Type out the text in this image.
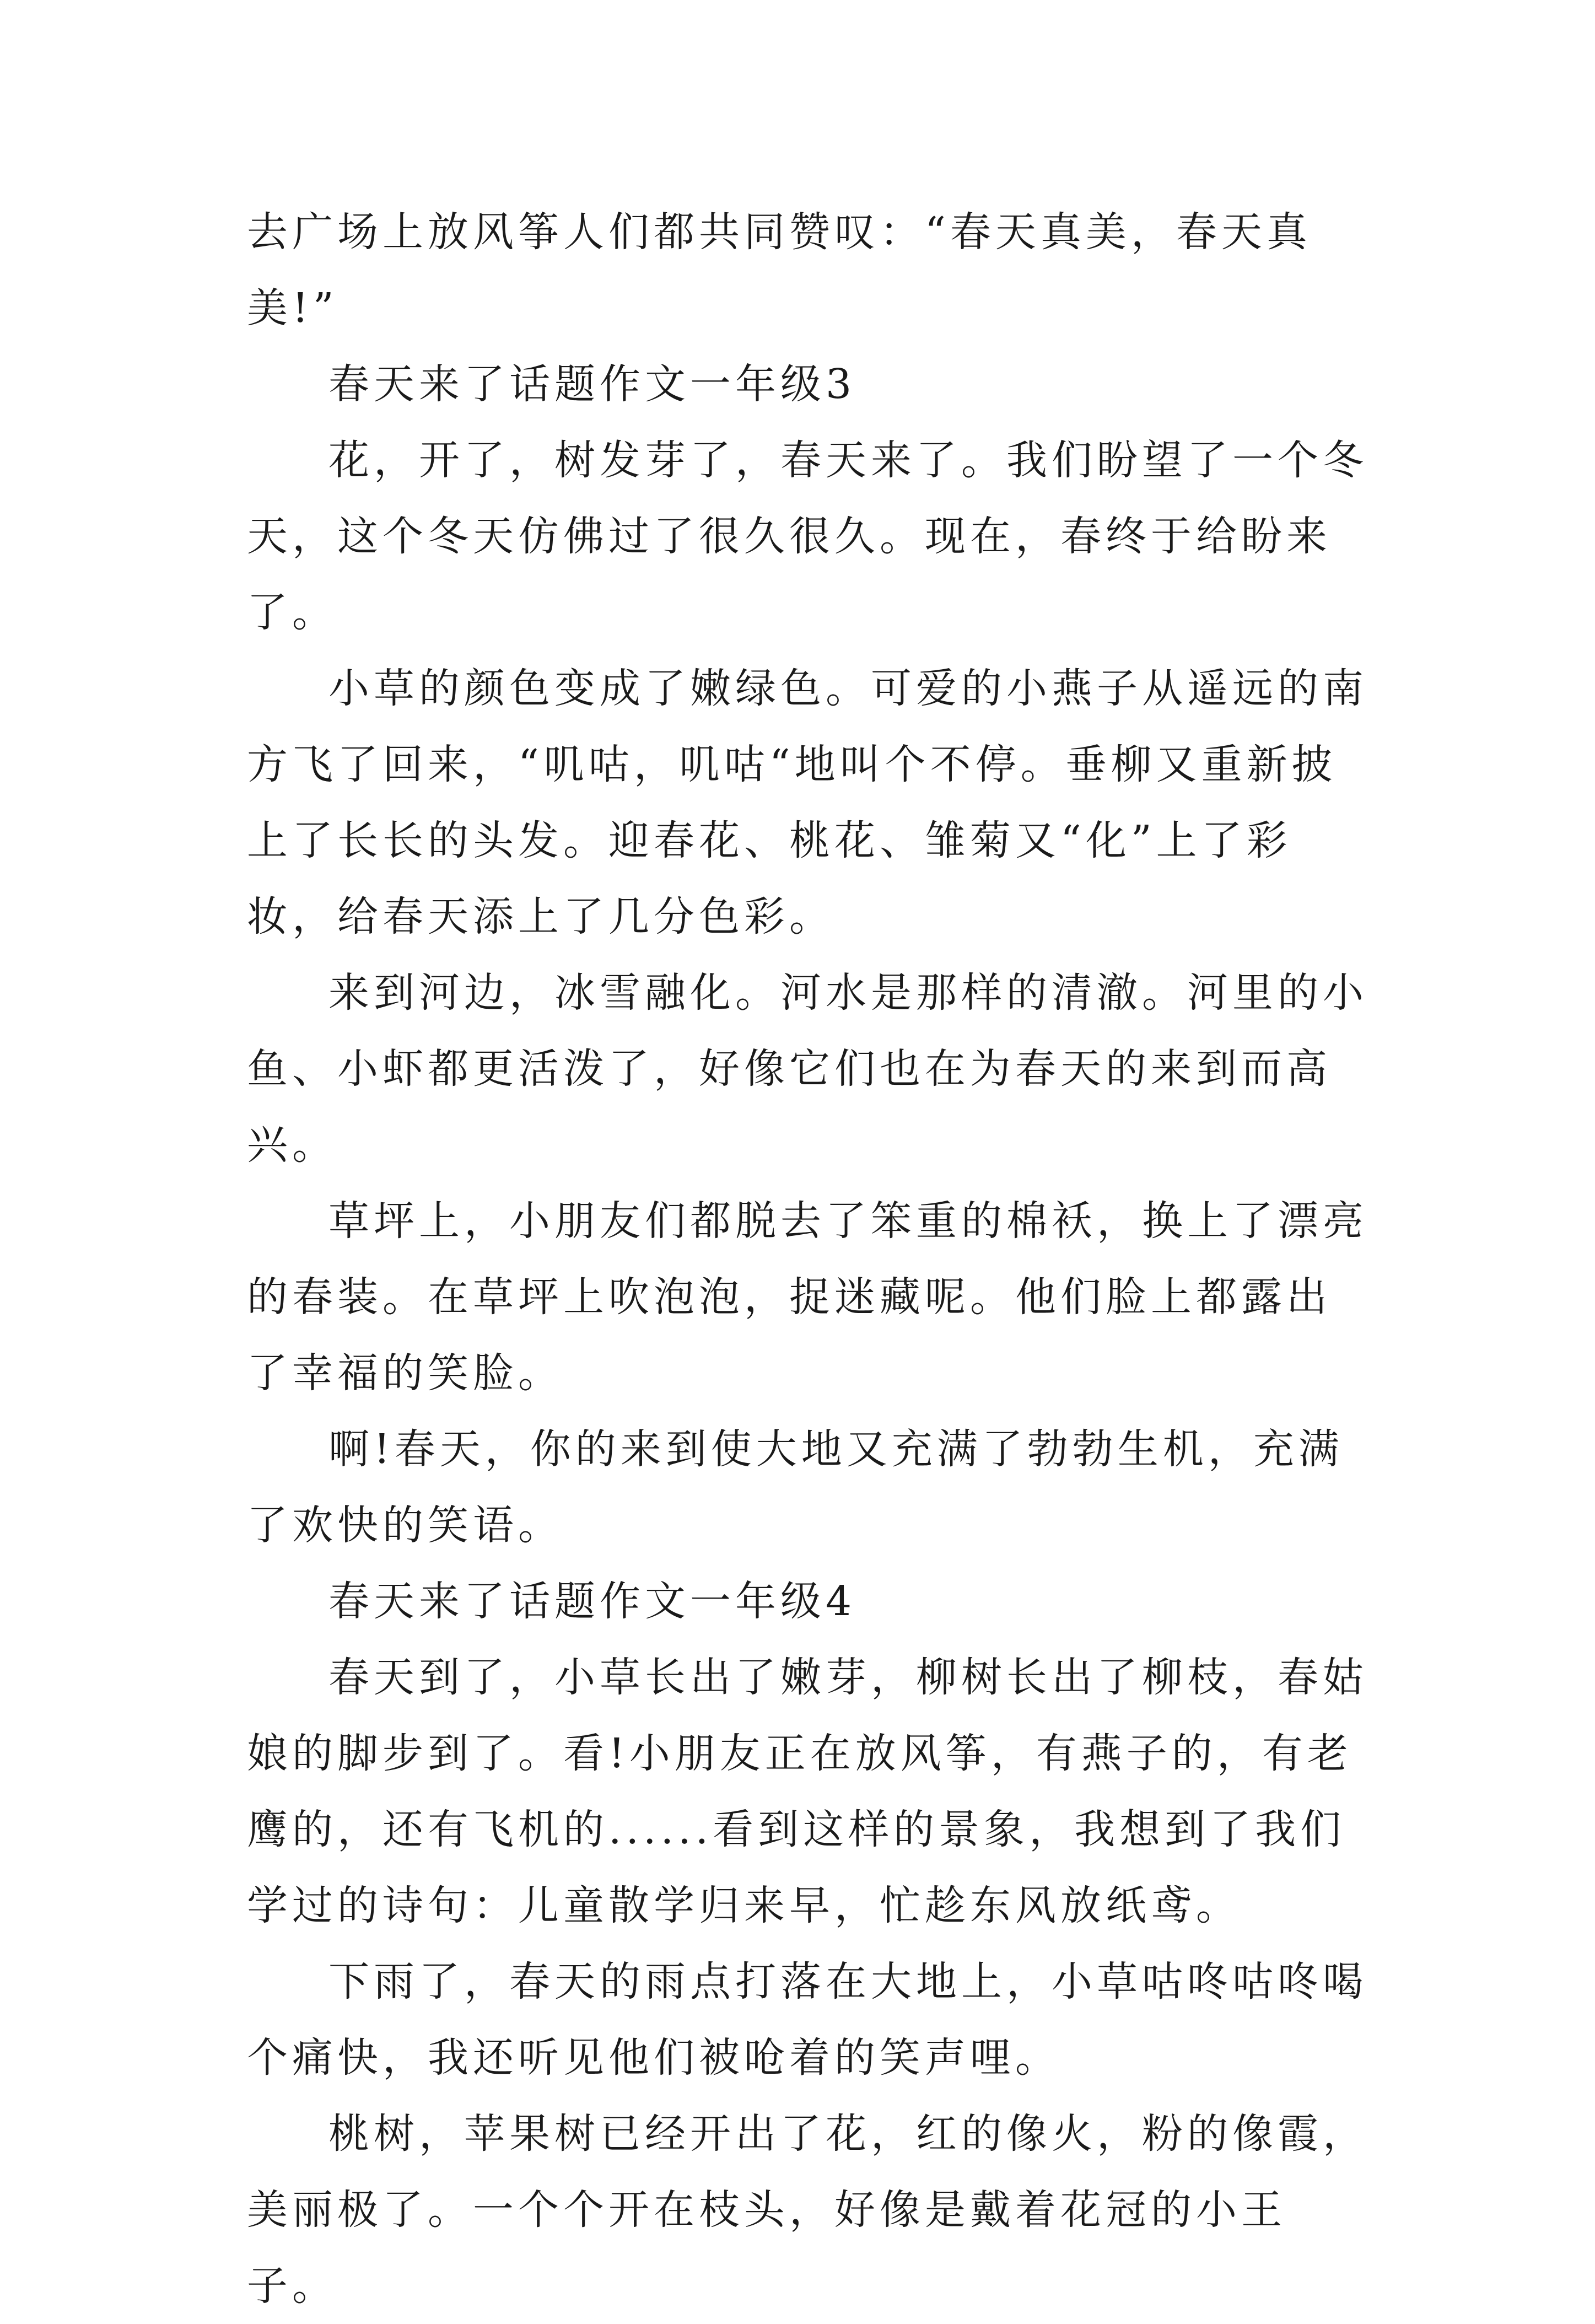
去广场上放风筝人们都共同赞叹：“春天真美，春天真美!”

春天来了话题作文一年级3

花，开了，树发芽了，春天来了。我们盼望了一个冬天，这个冬天仿佛过了很久很久。现在，春终于给盼来了。

小草的颜色变成了嫩绿色。可爱的小燕子从遥远的南方飞了回来，“叽咕，叽咕“地叫个不停。垂柳又重新披上了长长的头发。迎春花、桃花、雏菊又“化”上了彩妆，给春天添上了几分色彩。

来到河边，冰雪融化。河水是那样的清澈。河里的小鱼、小虾都更活泼了，好像它们也在为春天的来到而高兴。

草坪上，小朋友们都脱去了笨重的棉袄，换上了漂亮的春装。在草坪上吹泡泡，捉迷藏呢。他们脸上都露出了幸福的笑脸。

啊!春天，你的来到使大地又充满了勃勃生机，充满了欢快的笑语。

春天来了话题作文一年级4

春天到了，小草长出了嫩芽，柳树长出了柳枝，春姑娘的脚步到了。看!小朋友正在放风筝，有燕子的，有老鹰的，还有飞机的......看到这样的景象，我想到了我们学过的诗句：儿童散学归来早，忙趁东风放纸鸢。

下雨了，春天的雨点打落在大地上，小草咕咚咕咚喝个痛快，我还听见他们被呛着的笑声哩。

桃树，苹果树已经开出了花，红的像火，粉的像霞，美丽极了。一个个开在枝头，好像是戴着花冠的小王子。
